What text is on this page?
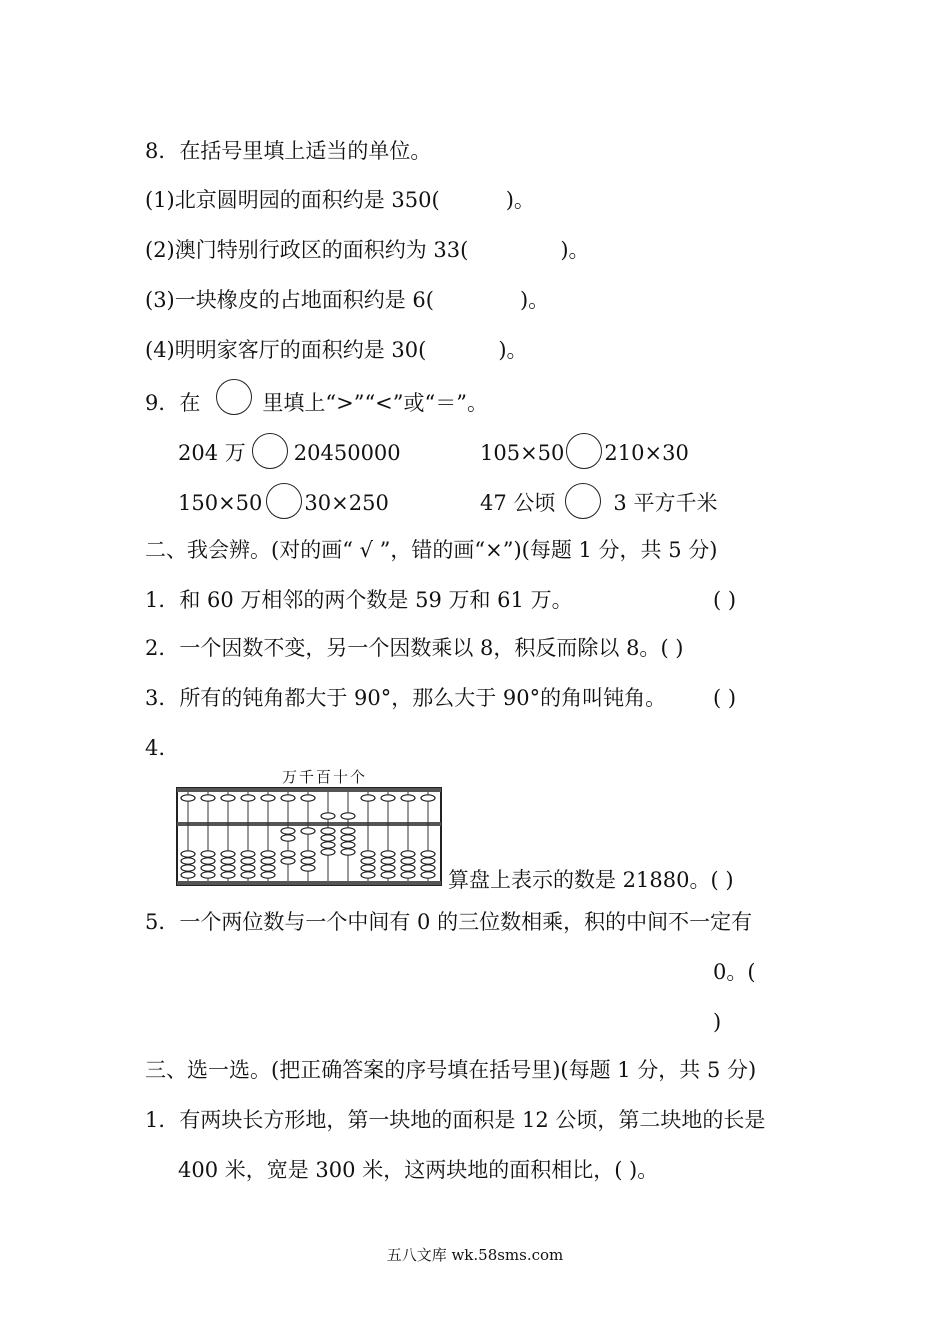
8．在括号里填上适当的单位。
(1)北京圆明园的面积约是 350(	)。
(2)澳门特别行政区的面积约为 33(	)。
(3)一块橡皮的占地面积约是 6(	)。
(4)明明家客厅的面积约是 30(	)。
9．在	里填上“>”“<”或“＝”。
204 万 20450000	105×50 210×30
150×50 30×250	47 公顷	3 平方千米
二、我会辨。(对的画“ √ ”，错的画“×”)(每题 1 分，共 5 分)
1．和 60 万相邻的两个数是 59 万和 61 万。	( )
2．一个因数不变，另一个因数乘以 8，积反而除以 8。( )
3．所有的钝角都大于 90°，那么大于 90°的角叫钝角。 ( )
4.
万千百十个
算盘上表示的数是 21880。( )
5．一个两位数与一个中间有 0 的三位数相乘，积的中间不一定有
0。(
)
三、选一选。(把正确答案的序号填在括号里)(每题 1 分，共 5 分)
1．有两块长方形地，第一块地的面积是 12 公顷，第二块地的长是
400 米，宽是 300 米，这两块地的面积相比，( )。
五八文库 wk.58sms.com
